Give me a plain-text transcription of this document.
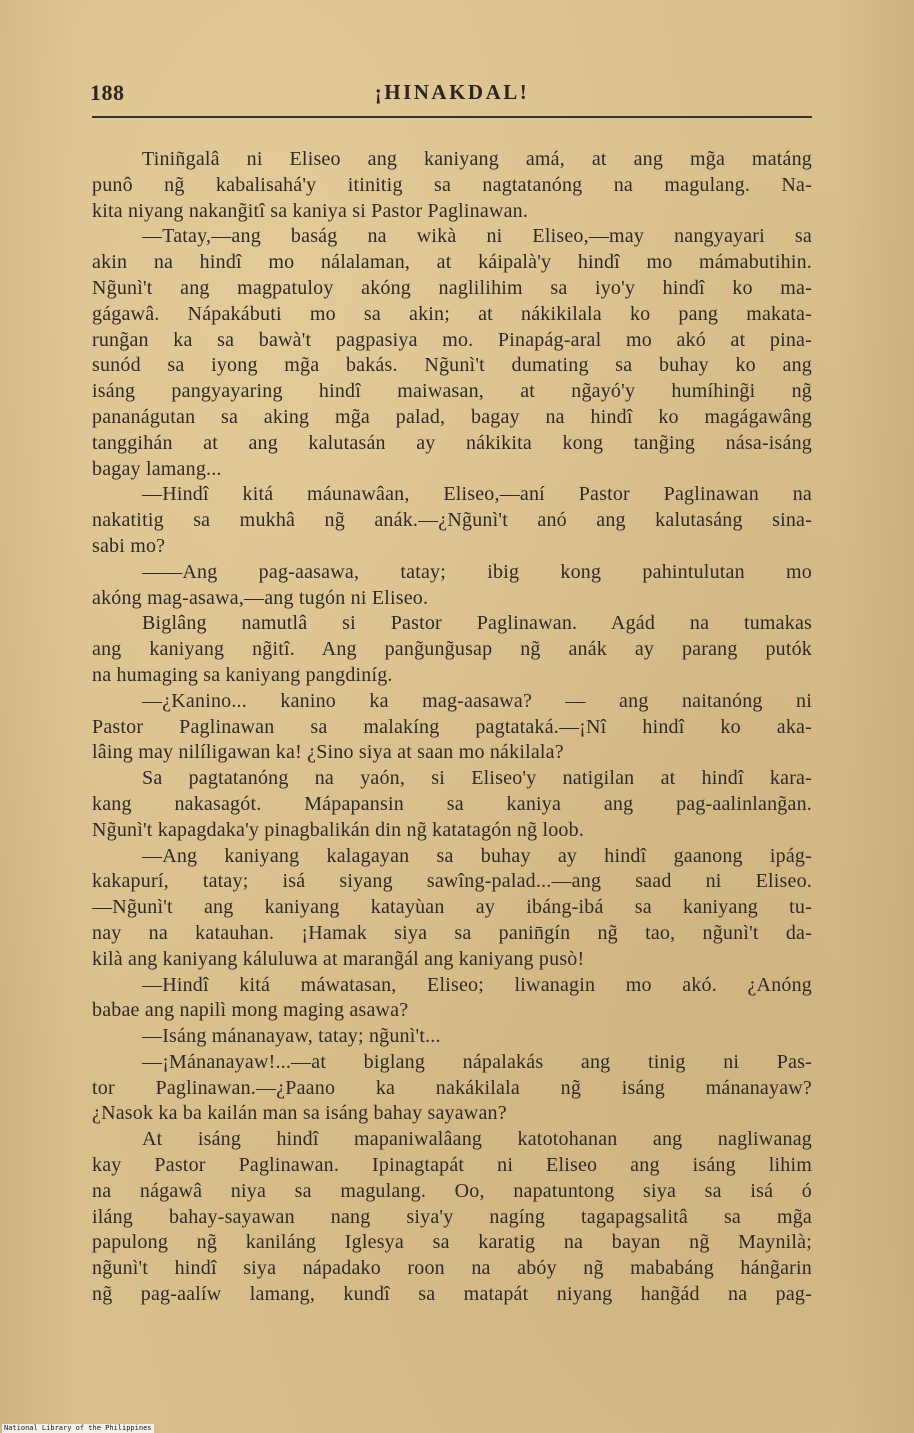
188	¡HINAKDAL!
Tiniñgalâ ni Eliseo ang kaniyang amá, at ang mg̃a matáng
punô ng̃ kabalisahá'y itinitig sa nagtatanóng na magulang. Na-
kita niyang nakang̃itî sa kaniya si Pastor Paglinawan.
—Tatay,—ang baság na wikà ni Eliseo,—may nangyayari sa
akin na hindî mo nálalaman, at káipalà'y hindî mo mámabutihin.
Ng̃unì't ang magpatuloy akóng naglilihim sa iyo'y hindî ko ma-
gágawâ. Nápakábuti mo sa akin; at nákikilala ko pang makata-
rung̃an ka sa bawà't pagpasiya mo. Pinapág-aral mo akó at pina-
sunód sa iyong mg̃a bakás. Ng̃unì't dumating sa buhay ko ang
isáng pangyayaring hindî maiwasan, at ng̃ayó'y humíhing̃i ng̃
pananágutan sa aking mg̃a palad, bagay na hindî ko magágawâng
tanggihán at ang kalutasán ay nákikita kong tang̃ing nása-isáng
bagay lamang...
—Hindî kitá máunawâan, Eliseo,—aní Pastor Paglinawan na
nakatitig sa mukhâ ng̃ anák.—¿Ng̃unì't anó ang kalutasáng sina-
sabi mo?
——Ang pag-aasawa, tatay; ibig kong pahintulutan mo
akóng mag-asawa,—ang tugón ni Eliseo.
Biglâng namutlâ si Pastor Paglinawan. Agád na tumakas
ang kaniyang ng̃itî. Ang pang̃ung̃usap ng̃ anák ay parang putók
na humaging sa kaniyang pangdiníg.
—¿Kanino... kanino ka mag-aasawa? — ang naitanóng ni
Pastor Paglinawan sa malakíng pagtataká.—¡Nî hindî ko aka-
lâing may nilíligawan ka! ¿Sino siya at saan mo nákilala?
Sa pagtatanóng na yaón, si Eliseo'y natigilan at hindî kara-
kang nakasagót. Mápapansin sa kaniya ang pag-aalinlang̃an.
Ng̃unì't kapagdaka'y pinagbalikán din ng̃ katatagón ng̃ loob.
—Ang kaniyang kalagayan sa buhay ay hindî gaanong ipág-
kakapurí, tatay; isá siyang sawîng-palad...—ang saad ni Eliseo.
—Ng̃unì't ang kaniyang katayùan ay ibáng-ibá sa kaniyang tu-
nay na katauhan. ¡Hamak siya sa panin̄gín ng̃ tao, ng̃unì't da-
kilà ang kaniyang káluluwa at marang̃ál ang kaniyang pusò!
—Hindî kitá máwatasan, Eliseo; liwanagin mo akó. ¿Anóng
babae ang napilì mong maging asawa?
—Isáng mánanayaw, tatay; ng̃unì't...
—¡Mánanayaw!...—at biglang nápalakás ang tinig ni Pas-
tor Paglinawan.—¿Paano ka nakákilala ng̃ isáng mánanayaw?
¿Nasok ka ba kailán man sa isáng bahay sayawan?
At isáng hindî mapaniwalâang katotohanan ang nagliwanag
kay Pastor Paglinawan. Ipinagtapát ni Eliseo ang isáng lihim
na nágawâ niya sa magulang. Oo, napatuntong siya sa isá ó
iláng bahay-sayawan nang siya'y nagíng tagapagsalitâ sa mg̃a
papulong ng̃ kaniláng Iglesya sa karatig na bayan ng̃ Maynilà;
ng̃unì't hindî siya nápadako roon na abóy ng̃ mababáng háng̃arin
ng̃ pag-aalíw lamang, kundî sa matapát niyang hang̃ád na pag-
National Library of the Philippines
